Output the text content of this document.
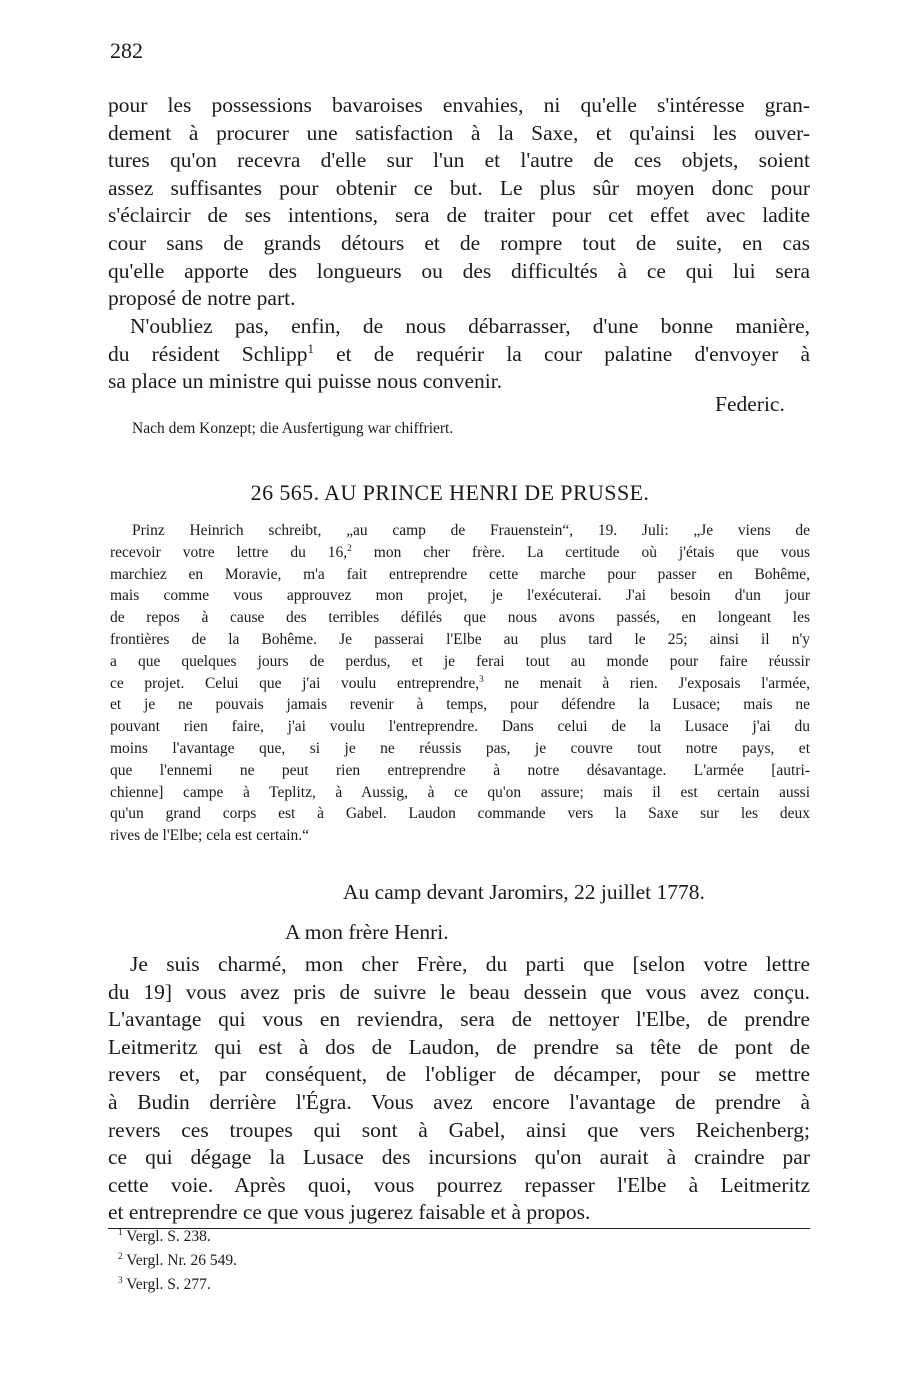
282
pour les possessions bavaroises envahies, ni qu'elle s'intéresse gran-
dement à procurer une satisfaction à la Saxe, et qu'ainsi les ouver-
tures qu'on recevra d'elle sur l'un et l'autre de ces objets, soient
assez suffisantes pour obtenir ce but. Le plus sûr moyen donc pour
s'éclaircir de ses intentions, sera de traiter pour cet effet avec ladite
cour sans de grands détours et de rompre tout de suite, en cas
qu'elle apporte des longueurs ou des difficultés à ce qui lui sera
proposé de notre part.
N'oubliez pas, enfin, de nous débarrasser, d'une bonne manière,
du résident Schlipp$^1$ et de requérir la cour palatine d'envoyer à
sa place un ministre qui puisse nous convenir.
Federic.
Nach dem Konzept; die Ausfertigung war chiffriert.
26 565. AU PRINCE HENRI DE PRUSSE.
Prinz Heinrich schreibt, „au camp de Frauenstein“, 19. Juli: „Je viens de
recevoir votre lettre du 16,$^2$ mon cher frère. La certitude où j'étais que vous
marchiez en Moravie, m'a fait entreprendre cette marche pour passer en Bohême,
mais comme vous approuvez mon projet, je l'exécuterai. J'ai besoin d'un jour
de repos à cause des terribles défilés que nous avons passés, en longeant les
frontières de la Bohême. Je passerai l'Elbe au plus tard le 25; ainsi il n'y
a que quelques jours de perdus, et je ferai tout au monde pour faire réussir
ce projet. Celui que j'ai voulu entreprendre,$^3$ ne menait à rien. J'exposais l'armée,
et je ne pouvais jamais revenir à temps, pour défendre la Lusace; mais ne
pouvant rien faire, j'ai voulu l'entreprendre. Dans celui de la Lusace j'ai du
moins l'avantage que, si je ne réussis pas, je couvre tout notre pays, et
que l'ennemi ne peut rien entreprendre à notre désavantage. L'armée [autri-
chienne] campe à Teplitz, à Aussig, à ce qu'on assure; mais il est certain aussi
qu'un grand corps est à Gabel. Laudon commande vers la Saxe sur les deux
rives de l'Elbe; cela est certain.“
Au camp devant Jaromirs, 22 juillet 1778.
A mon frère Henri.
Je suis charmé, mon cher Frère, du parti que [selon votre lettre
du 19] vous avez pris de suivre le beau dessein que vous avez conçu.
L'avantage qui vous en reviendra, sera de nettoyer l'Elbe, de prendre
Leitmeritz qui est à dos de Laudon, de prendre sa tête de pont de
revers et, par conséquent, de l'obliger de décamper, pour se mettre
à Budin derrière l'Égra. Vous avez encore l'avantage de prendre à
revers ces troupes qui sont à Gabel, ainsi que vers Reichenberg;
ce qui dégage la Lusace des incursions qu'on aurait à craindre par
cette voie. Après quoi, vous pourrez repasser l'Elbe à Leitmeritz
et entreprendre ce que vous jugerez faisable et à propos.
$^1$ Vergl. S. 238.
$^2$ Vergl. Nr. 26 549.
$^3$ Vergl. S. 277.
